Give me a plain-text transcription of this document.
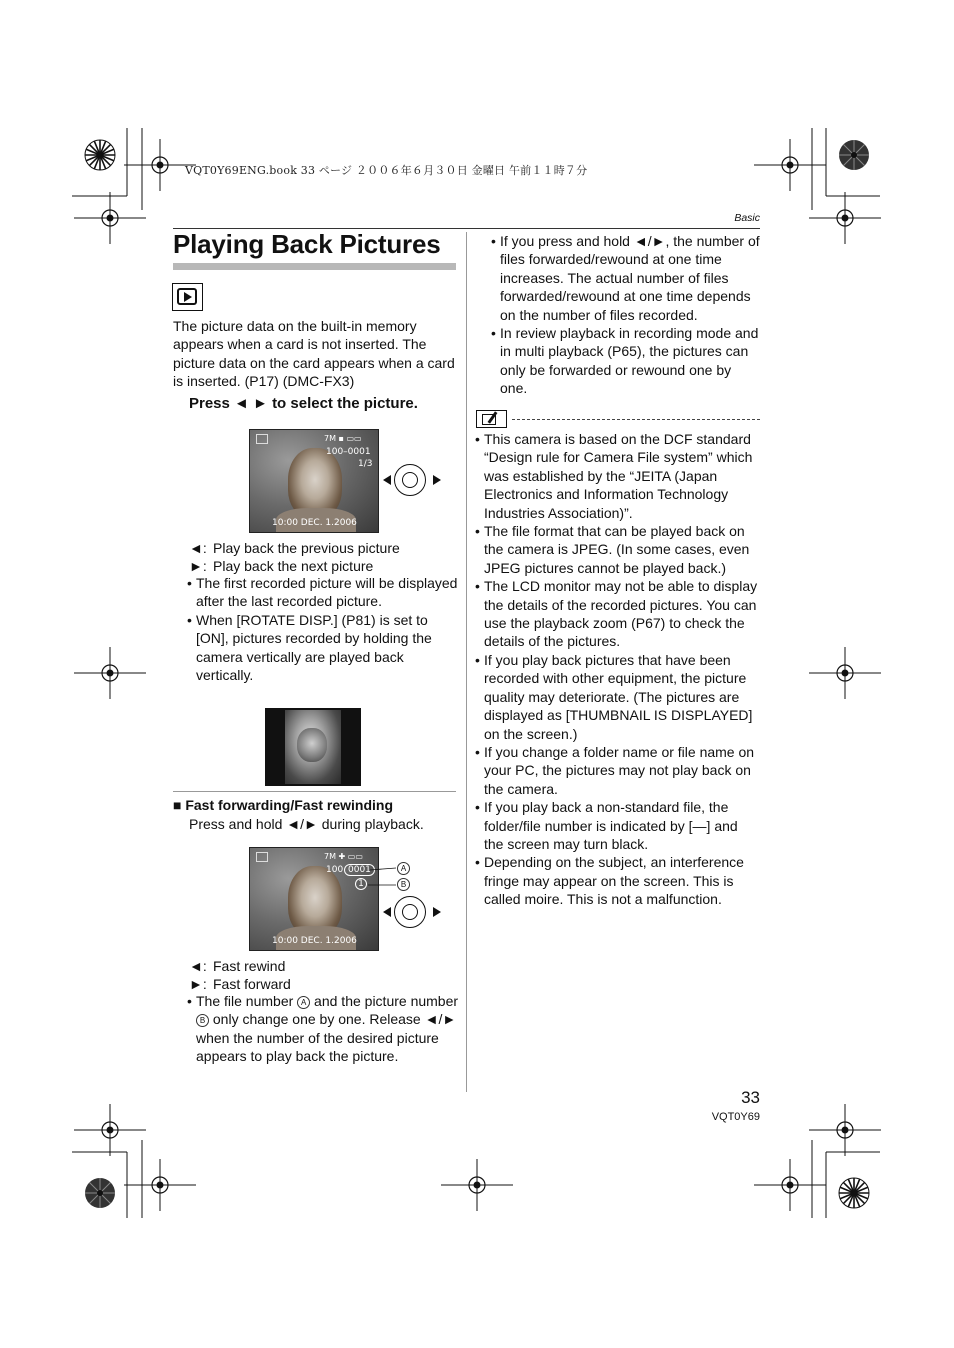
VQT0Y69ENG.book 33 ページ ２００６年６月３０日 金曜日 午前１１時７分
Basic
Playing Back Pictures
The picture data on the built-in memory appears when a card is not inserted. The picture data on the card appears when a card is inserted. (P17) (DMC-FX3)
Press ◄ ► to select the picture.
7M ▪ ▭▭
100–0001
1/3
10:00 DEC. 1.2006
◄: Play back the previous picture
►: Play back the next picture
• The first recorded picture will be displayed after the last recorded picture.
• When [ROTATE DISP.] (P81) is set to [ON], pictures recorded by holding the camera vertically are played back vertically.
■ Fast forwarding/Fast rewinding
Press and hold ◄/► during playback.
7M ✚ ▭▭
100 0001
1
10:00 DEC. 1.2006
A
B
◄: Fast rewind
►: Fast forward
• The file number A and the picture number B only change one by one. Release ◄/► when the number of the desired picture appears to play back the picture.
• If you press and hold ◄/►, the number of files forwarded/rewound at one time increases. The actual number of files forwarded/rewound at one time depends on the number of files recorded.
• In review playback in recording mode and in multi playback (P65), the pictures can only be forwarded or rewound one by one.
• This camera is based on the DCF standard “Design rule for Camera File system” which was established by the “JEITA (Japan Electronics and Information Technology Industries Association)”.
• The file format that can be played back on the camera is JPEG. (In some cases, even JPEG pictures cannot be played back.)
• The LCD monitor may not be able to display the details of the recorded pictures. You can use the playback zoom (P67) to check the details of the pictures.
• If you play back pictures that have been recorded with other equipment, the picture quality may deteriorate. (The pictures are displayed as [THUMBNAIL IS DISPLAYED] on the screen.)
• If you change a folder name or file name on your PC, the pictures may not play back on the camera.
• If you play back a non-standard file, the folder/file number is indicated by [—] and the screen may turn black.
• Depending on the subject, an interference fringe may appear on the screen. This is called moire. This is not a malfunction.
33
VQT0Y69
